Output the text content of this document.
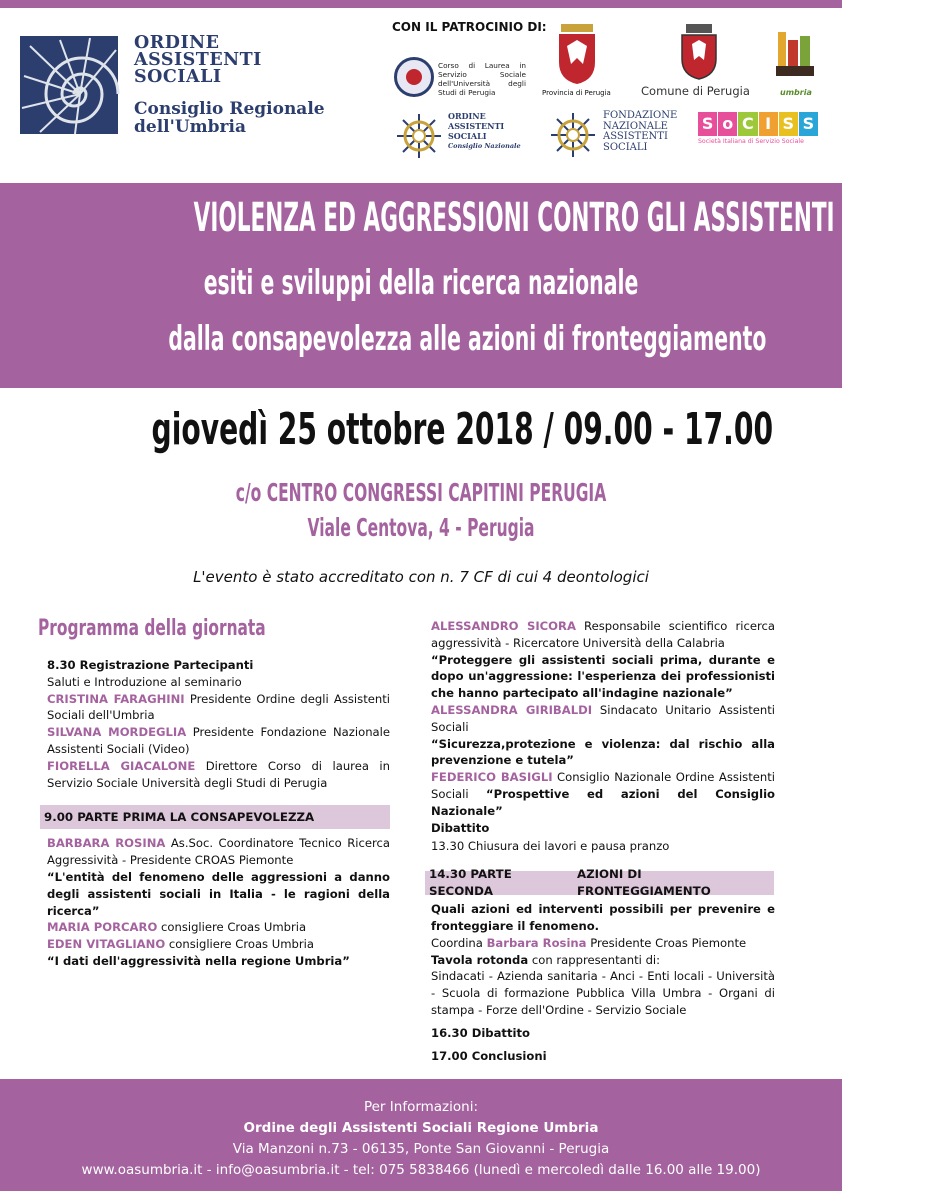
ORDINE
ASSISTENTI
SOCIALI
Consiglio Regionale
dell'Umbria
CON IL PATROCINIO DI:
Corso di Laurea in Servizio Sociale dell'Università degli Studi di Perugia	Provincia di Perugia	Comune di Perugia	umbria
ORDINE
ASSISTENTI
SOCIALI
Consiglio Nazionale
FONDAZIONE
NAZIONALE
ASSISTENTI
SOCIALI
S o C I S S
Società Italiana di Servizio Sociale
VIOLENZA ED AGGRESSIONI CONTRO GLI ASSISTENTI SOCIALI
esiti e sviluppi della ricerca nazionale
dalla consapevolezza alle azioni di fronteggiamento
giovedì 25 ottobre 2018 / 09.00 - 17.00
c/o CENTRO CONGRESSI CAPITINI PERUGIA
Viale Centova, 4 - Perugia
L'evento è stato accreditato con n. 7 CF di cui 4 deontologici
Programma della giornata

8.30 Registrazione Partecipanti

Saluti e Introduzione al seminario

CRISTINA FARAGHINI Presidente Ordine degli Assistenti Sociali dell'Umbria

SILVANA MORDEGLIA Presidente Fondazione Nazionale Assistenti Sociali (Video)

FIORELLA GIACALONE Direttore Corso di laurea in Servizio Sociale Università degli Studi di Perugia

9.00 PARTE PRIMA
LA CONSAPEVOLEZZA

BARBARA ROSINA As.Soc. Coordinatore Tecnico Ricerca Aggressività - Presidente CROAS Piemonte

“L'entità del fenomeno delle aggressioni a danno degli assistenti sociali in Italia - le ragioni della ricerca”

MARIA PORCARO consigliere Croas Umbria

EDEN VITAGLIANO consigliere Croas Umbria

“I dati dell'aggressività nella regione Umbria”

ALESSANDRO SICORA Responsabile scientifico ricerca aggressività - Ricercatore Università della Calabria

“Proteggere gli assistenti sociali prima, durante e dopo un'aggressione: l'esperienza dei professionisti che hanno partecipato all'indagine nazionale”

ALESSANDRA GIRIBALDI Sindacato Unitario Assistenti Sociali

“Sicurezza,protezione e violenza: dal rischio alla prevenzione e tutela”

FEDERICO BASIGLI Consiglio Nazionale Ordine Assistenti Sociali “Prospettive ed azioni del Consiglio Nazionale”

Dibattito

13.30 Chiusura dei lavori e pausa pranzo

14.30 PARTE SECONDA

AZIONI DI FRONTEGGIAMENTO

Quali azioni ed interventi possibili per prevenire e fronteggiare il fenomeno.

Coordina Barbara Rosina Presidente Croas Piemonte

Tavola rotonda con rappresentanti di:

Sindacati - Azienda sanitaria - Anci - Enti locali - Università - Scuola di formazione Pubblica Villa Umbra - Organi di stampa - Forze dell'Ordine - Servizio Sociale

16.30 Dibattito

17.00 Conclusioni

Per Informazioni:
Ordine degli Assistenti Sociali Regione Umbria
Via Manzoni n.73 - 06135, Ponte San Giovanni - Perugia
www.oasumbria.it - info@oasumbria.it - tel: 075 5838466 (lunedì e mercoledì dalle 16.00 alle 19.00)
